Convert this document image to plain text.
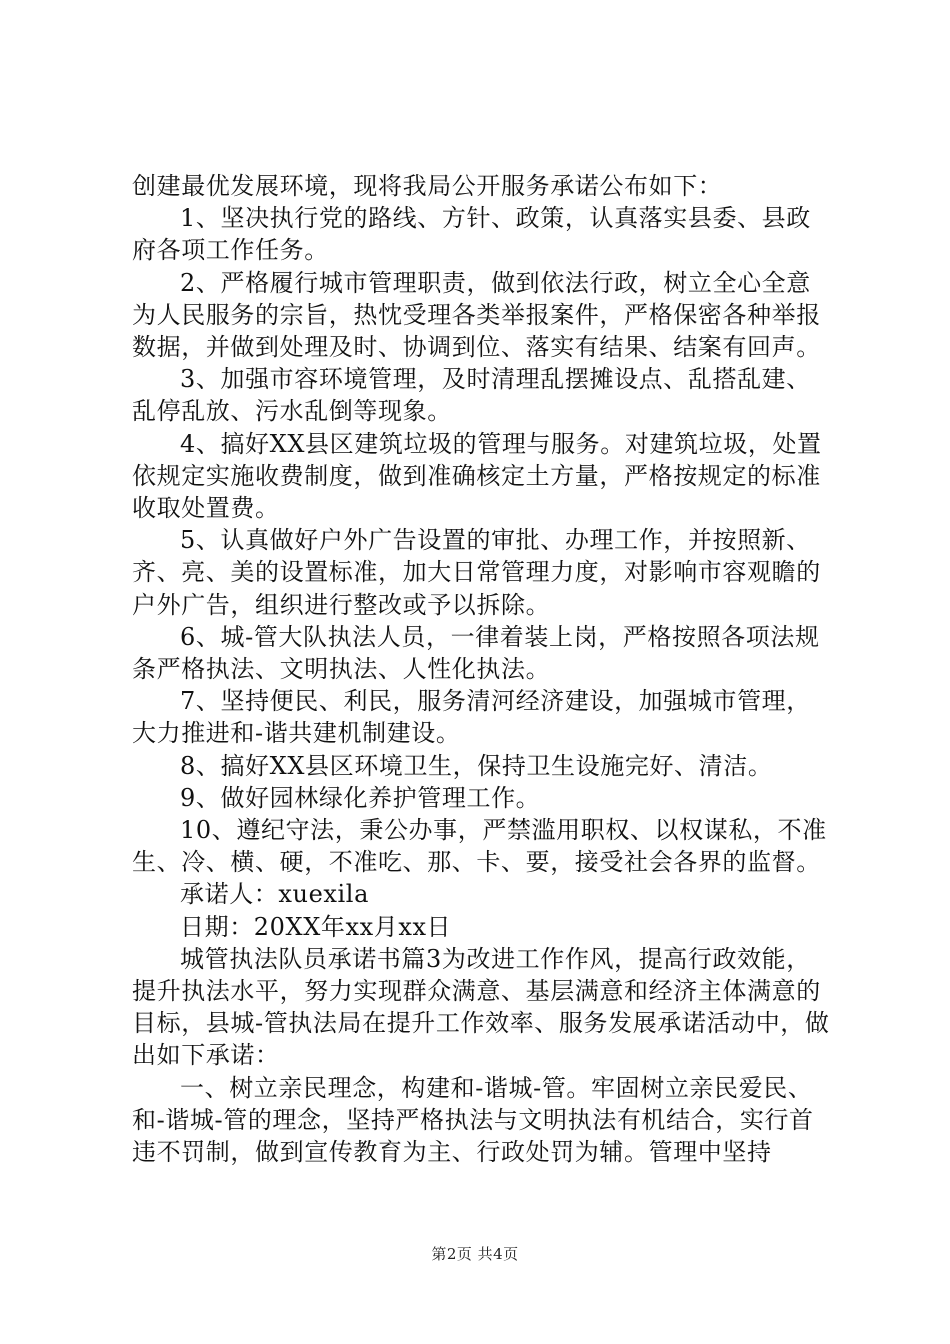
创建最优发展环境，现将我局公开服务承诺公布如下：

1、坚决执行党的路线、方针、政策，认真落实县委、县政府各项工作任务。

2、严格履行城市管理职责，做到依法行政，树立全心全意为人民服务的宗旨，热忱受理各类举报案件，严格保密各种举报数据，并做到处理及时、协调到位、落实有结果、结案有回声。

3、加强市容环境管理，及时清理乱摆摊设点、乱搭乱建、乱停乱放、污水乱倒等现象。

4、搞好XX县区建筑垃圾的管理与服务。对建筑垃圾，处置依规定实施收费制度，做到准确核定土方量，严格按规定的标准收取处置费。

5、认真做好户外广告设置的审批、办理工作，并按照新、齐、亮、美的设置标准，加大日常管理力度，对影响市容观瞻的户外广告，组织进行整改或予以拆除。

6、城-管大队执法人员，一律着装上岗，严格按照各项法规条严格执法、文明执法、人性化执法。

7、坚持便民、利民，服务清河经济建设，加强城市管理，大力推进和-谐共建机制建设。

8、搞好XX县区环境卫生，保持卫生设施完好、清洁。

9、做好园林绿化养护管理工作。

10、遵纪守法，秉公办事，严禁滥用职权、以权谋私，不准生、冷、横、硬，不准吃、那、卡、要，接受社会各界的监督。

承诺人：xuexila

日期：20XX年xx月xx日

城管执法队员承诺书篇3为改进工作作风，提高行政效能，提升执法水平，努力实现群众满意、基层满意和经济主体满意的目标，县城-管执法局在提升工作效率、服务发展承诺活动中，做出如下承诺：

一、树立亲民理念，构建和-谐城-管。牢固树立亲民爱民、和-谐城-管的理念，坚持严格执法与文明执法有机结合，实行首违不罚制，做到宣传教育为主、行政处罚为辅。管理中坚持

第2页 共4页
